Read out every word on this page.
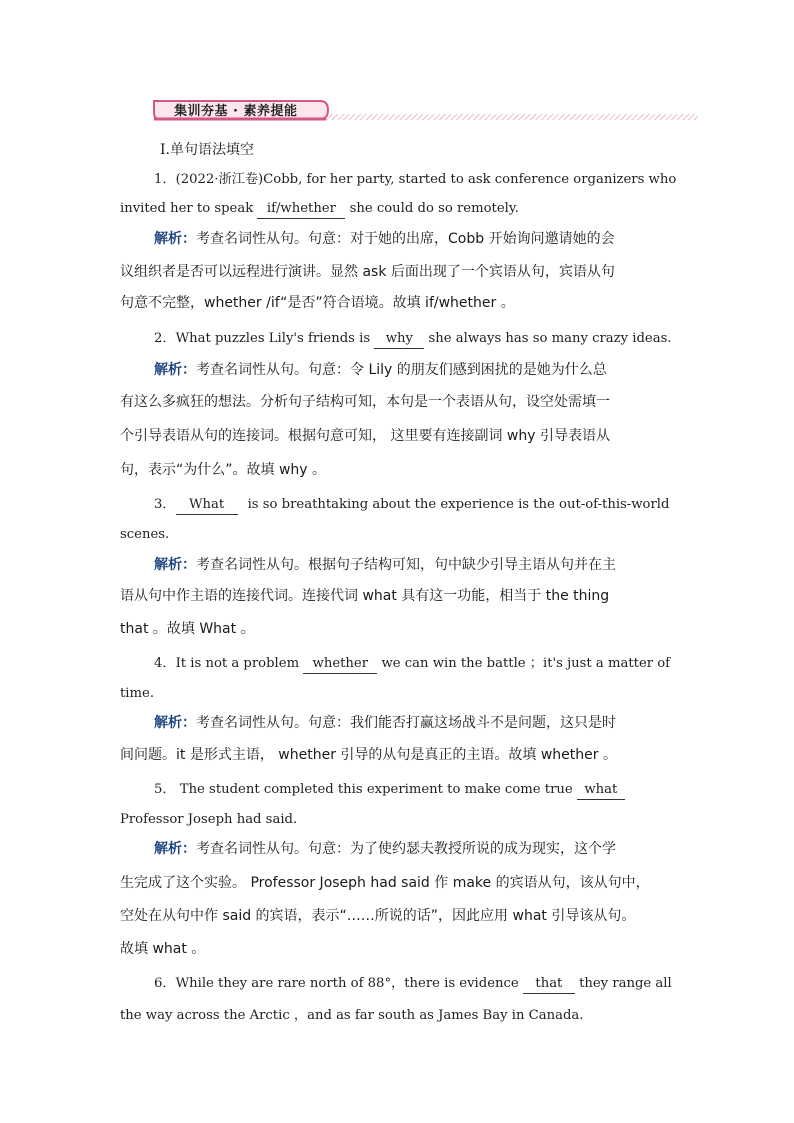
集训夯基 · 素养提能
Ⅰ.单句语法填空
1．(2022·浙江卷)Cobb, for her party, started to ask conference organizers who
invited her to speak if/whether she could do so remotely.
解析：考查名词性从句。句意：对于她的出席，Cobb 开始询问邀请她的会
议组织者是否可以远程进行演讲。显然 ask 后面出现了一个宾语从句，宾语从句
句意不完整，whether /if“是否”符合语境。故填 if/whether 。
2．What puzzles Lily's friends is why she always has so many crazy ideas.
解析：考查名词性从句。句意：令 Lily 的朋友们感到困扰的是她为什么总
有这么多疯狂的想法。分析句子结构可知，本句是一个表语从句，设空处需填一
个引导表语从句的连接词。根据句意可知， 这里要有连接副词 why 引导表语从
句，表示“为什么”。故填 why 。
3． What is so breathtaking about the experience is the out-of-this-world
scenes.
解析：考查名词性从句。根据句子结构可知，句中缺少引导主语从句并在主
语从句中作主语的连接代词。连接代词 what 具有这一功能，相当于 the thing
that 。故填 What 。
4．It is not a problem whether we can win the battle ；it's just a matter of
time.
解析：考查名词性从句。句意：我们能否打赢这场战斗不是问题，这只是时
间问题。it 是形式主语， whether 引导的从句是真正的主语。故填 whether 。
5． The student completed this experiment to make come true what
Professor Joseph had said.
解析：考查名词性从句。句意：为了使约瑟夫教授所说的成为现实，这个学
生完成了这个实验。 Professor Joseph had said 作 make 的宾语从句，该从句中，
空处在从句中作 said 的宾语，表示“……所说的话”，因此应用 what 引导该从句。
故填 what 。
6．While they are rare north of 88°，there is evidence that they range all
the way across the Arctic ，and as far south as James Bay in Canada.
